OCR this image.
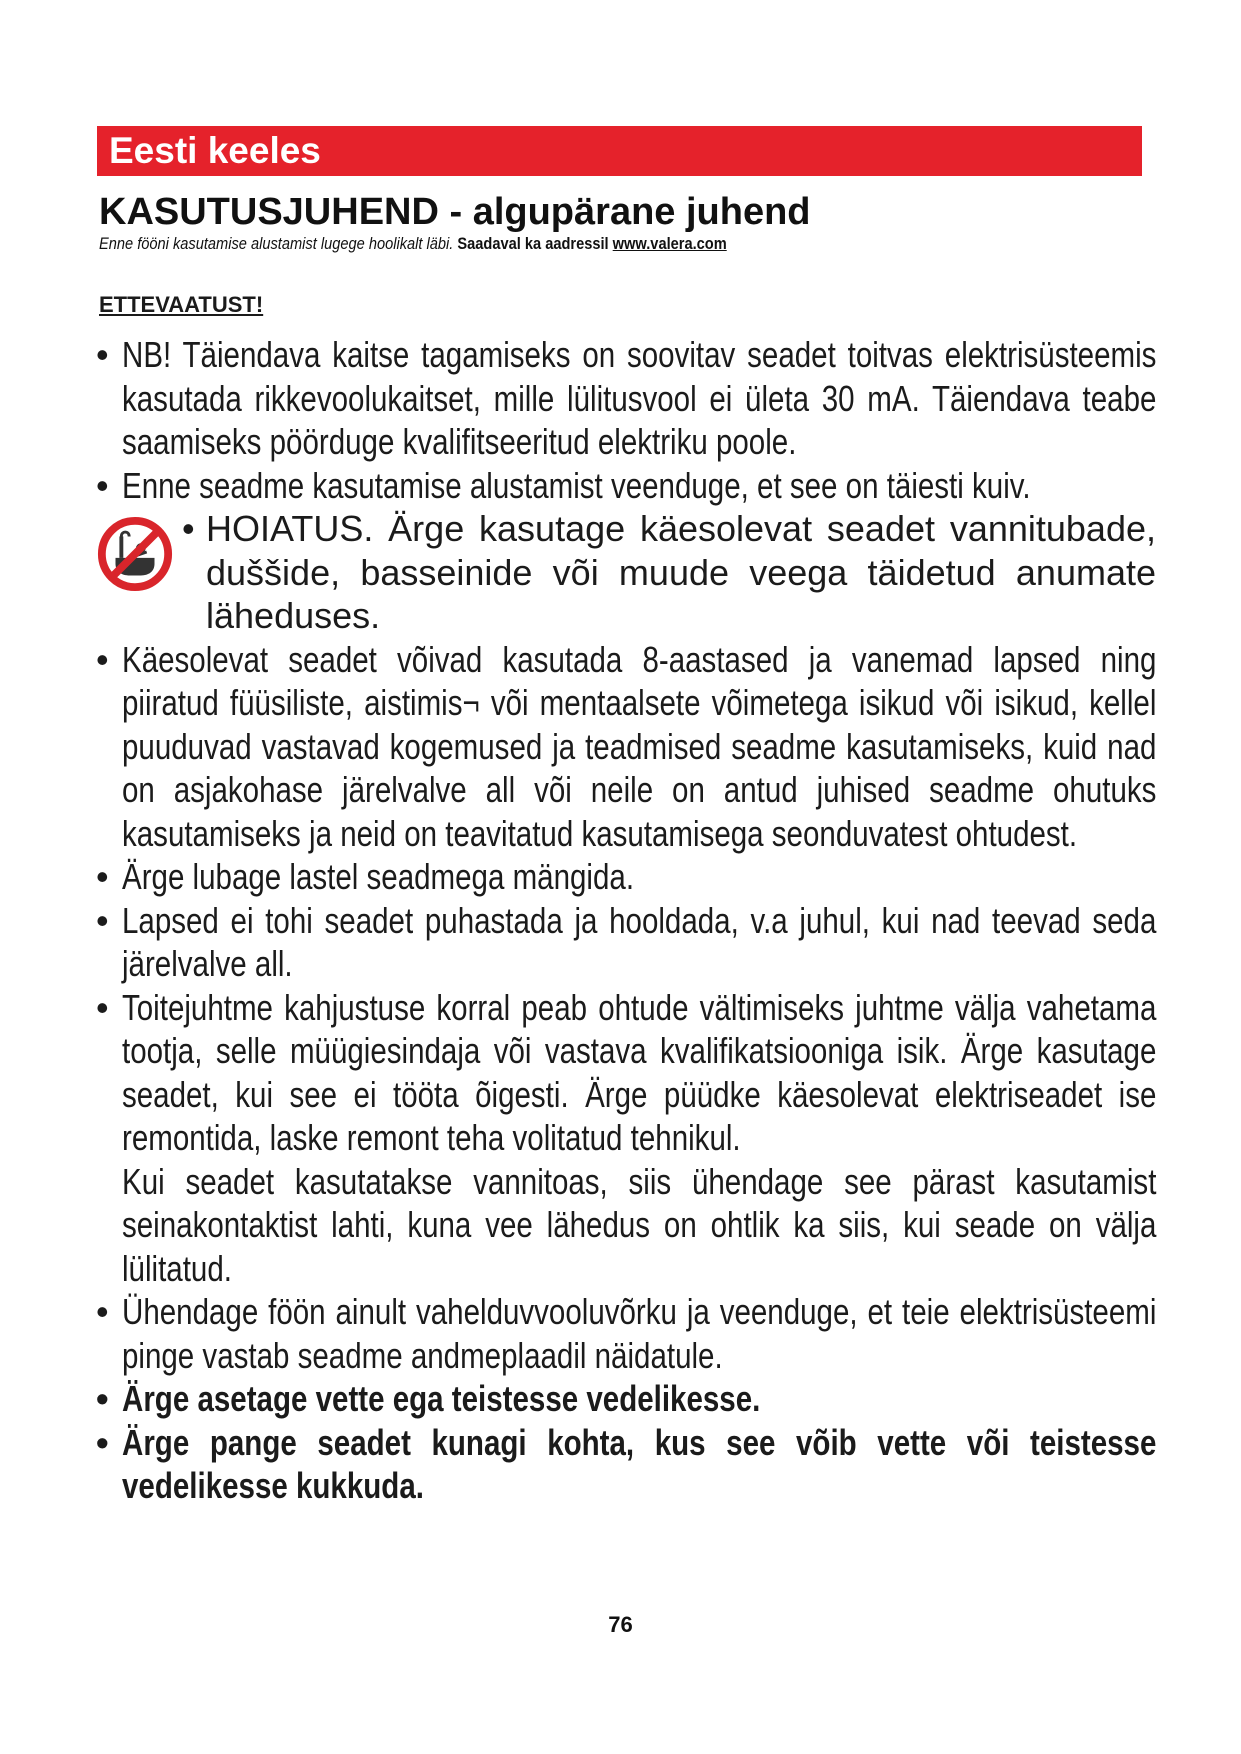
Eesti keeles
KASUTUSJUHEND - algupärane juhend
Enne fööni kasutamise alustamist lugege hoolikalt läbi. Saadaval ka aadressil www.valera.com
ETTEVAATUST!
• NB! Täiendava kaitse tagamiseks on soovitav seadet toitvas elektrisüsteemis kasutada rikkevoolukaitset, mille lülitusvool ei ületa 30 mA. Täiendava teabe saamiseks pöörduge kvalifitseeritud elektriku poole.
• Enne seadme kasutamise alustamist veenduge, et see on täiesti kuiv.
• HOIATUS. Ärge kasutage käesolevat seadet vannitubade, duššide, basseinide või muude veega täidetud anumate läheduses.
• Käesolevat seadet võivad kasutada 8-aastased ja vanemad lapsed ning piiratud füüsiliste, aistimis¬ või mentaalsete võimetega isikud või isikud, kellel puuduvad vastavad kogemused ja teadmised seadme kasutamiseks, kuid nad on asjakohase järelvalve all või neile on antud juhised seadme ohutuks kasutamiseks ja neid on teavitatud kasutamisega seonduvatest ohtudest.
• Ärge lubage lastel seadmega mängida.
• Lapsed ei tohi seadet puhastada ja hooldada, v.a juhul, kui nad teevad seda järelvalve all.
• Toitejuhtme kahjustuse korral peab ohtude vältimiseks juhtme välja vahetama tootja, selle müügiesindaja või vastava kvalifikatsiooniga isik. Ärge kasutage seadet, kui see ei tööta õigesti. Ärge püüdke käesolevat elektriseadet ise remontida, laske remont teha volitatud tehnikul.
Kui seadet kasutatakse vannitoas, siis ühendage see pärast kasutamist seinakontaktist lahti, kuna vee lähedus on ohtlik ka siis, kui seade on välja lülitatud.
• Ühendage föön ainult vahelduvvooluvõrku ja veenduge, et teie elektrisüsteemi pinge vastab seadme andmeplaadil näidatule.
• Ärge asetage vette ega teistesse vedelikesse.
• Ärge pange seadet kunagi kohta, kus see võib vette või teistesse vedelikesse kukkuda.
76
